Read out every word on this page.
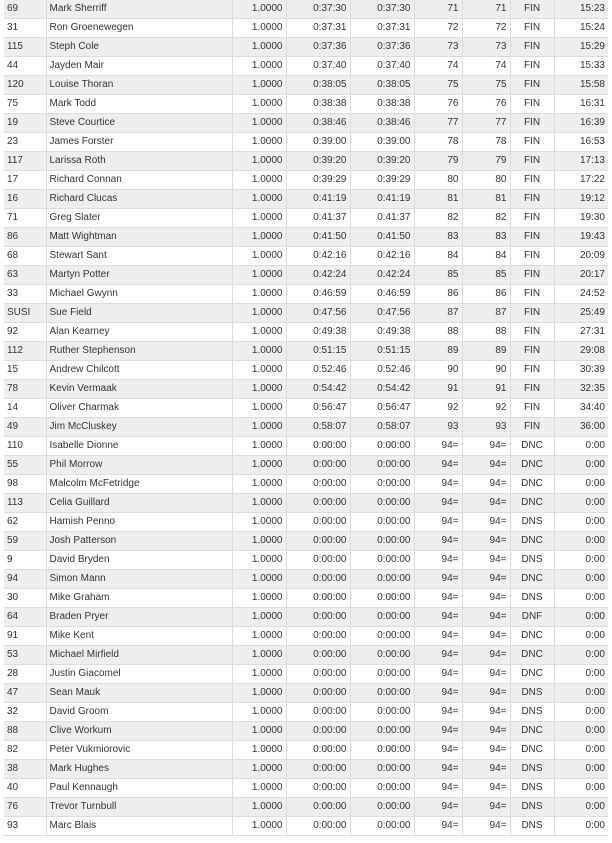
69	Mark Sherriff	1.0000	0:37:30	0:37:30	71	71	FIN	15:23
31	Ron Groenewegen	1.0000	0:37:31	0:37:31	72	72	FIN	15:24
115	Steph Cole	1.0000	0:37:36	0:37:36	73	73	FIN	15:29
44	Jayden Mair	1.0000	0:37:40	0:37:40	74	74	FIN	15:33
120	Louise Thoran	1.0000	0:38:05	0:38:05	75	75	FIN	15:58
75	Mark Todd	1.0000	0:38:38	0:38:38	76	76	FIN	16:31
19	Steve Courtice	1.0000	0:38:46	0:38:46	77	77	FIN	16:39
23	James Forster	1.0000	0:39:00	0:39:00	78	78	FIN	16:53
117	Larissa Roth	1.0000	0:39:20	0:39:20	79	79	FIN	17:13
17	Richard Connan	1.0000	0:39:29	0:39:29	80	80	FIN	17:22
16	Richard Clucas	1.0000	0:41:19	0:41:19	81	81	FIN	19:12
71	Greg Slater	1.0000	0:41:37	0:41:37	82	82	FIN	19:30
86	Matt Wightman	1.0000	0:41:50	0:41:50	83	83	FIN	19:43
68	Stewart Sant	1.0000	0:42:16	0:42:16	84	84	FIN	20:09
63	Martyn Potter	1.0000	0:42:24	0:42:24	85	85	FIN	20:17
33	Michael Gwynn	1.0000	0:46:59	0:46:59	86	86	FIN	24:52
SUSI	Sue Field	1.0000	0:47:56	0:47:56	87	87	FIN	25:49
92	Alan Kearney	1.0000	0:49:38	0:49:38	88	88	FIN	27:31
112	Ruther Stephenson	1.0000	0:51:15	0:51:15	89	89	FIN	29:08
15	Andrew Chilcott	1.0000	0:52:46	0:52:46	90	90	FIN	30:39
78	Kevin Vermaak	1.0000	0:54:42	0:54:42	91	91	FIN	32:35
14	Oliver Charmak	1.0000	0:56:47	0:56:47	92	92	FIN	34:40
49	Jim McCluskey	1.0000	0:58:07	0:58:07	93	93	FIN	36:00
110	Isabelle Dionne	1.0000	0:00:00	0:00:00	94=	94=	DNC	0:00
55	Phil Morrow	1.0000	0:00:00	0:00:00	94=	94=	DNC	0:00
98	Malcolm McFetridge	1.0000	0:00:00	0:00:00	94=	94=	DNC	0:00
113	Celia Guillard	1.0000	0:00:00	0:00:00	94=	94=	DNC	0:00
62	Hamish Penno	1.0000	0:00:00	0:00:00	94=	94=	DNS	0:00
59	Josh Patterson	1.0000	0:00:00	0:00:00	94=	94=	DNC	0:00
9	David Bryden	1.0000	0:00:00	0:00:00	94=	94=	DNS	0:00
94	Simon Mann	1.0000	0:00:00	0:00:00	94=	94=	DNC	0:00
30	Mike Graham	1.0000	0:00:00	0:00:00	94=	94=	DNS	0:00
64	Braden Pryer	1.0000	0:00:00	0:00:00	94=	94=	DNF	0:00
91	Mike Kent	1.0000	0:00:00	0:00:00	94=	94=	DNC	0:00
53	Michael Mirfield	1.0000	0:00:00	0:00:00	94=	94=	DNC	0:00
28	Justin Giacomel	1.0000	0:00:00	0:00:00	94=	94=	DNC	0:00
47	Sean Mauk	1.0000	0:00:00	0:00:00	94=	94=	DNS	0:00
32	David Groom	1.0000	0:00:00	0:00:00	94=	94=	DNS	0:00
88	Clive Workum	1.0000	0:00:00	0:00:00	94=	94=	DNC	0:00
82	Peter Vukmiorovic	1.0000	0:00:00	0:00:00	94=	94=	DNC	0:00
38	Mark Hughes	1.0000	0:00:00	0:00:00	94=	94=	DNS	0:00
40	Paul Kennaugh	1.0000	0:00:00	0:00:00	94=	94=	DNS	0:00
76	Trevor Turnbull	1.0000	0:00:00	0:00:00	94=	94=	DNS	0:00
93	Marc Blais	1.0000	0:00:00	0:00:00	94=	94=	DNS	0:00
